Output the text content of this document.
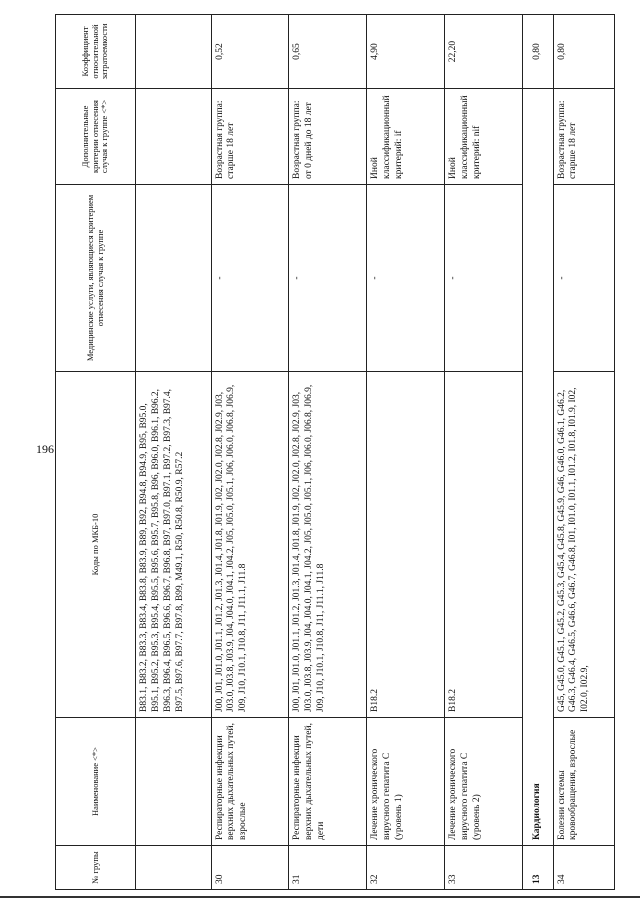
196
№ групы	Наименование <*>	Коды по МКБ-10	Медицинские услуги, являющиеся критерием отнесения случая к группе	Дополнительные критерии отнесения случая к группе <*>	Коэффициент относительной затратоемкости
		B83.1, B83.2, B83.3, B83.4, B83.8, B83.9, B89, B92, B94.8, B94.9, B95, B95.0, B95.1, B95.2, B95.3, B95.4, B95.5, B95.6, B95.7, B95.8, B96, B96.0, B96.1, B96.2, B96.3, B96.4, B96.5, B96.6, B96.7, B96.8, B97, B97.0, B97.1, B97.2, B97.3, B97.4, B97.5, B97.6, B97.7, B97.8, B99, M49.1, R50, R50.8, R50.9, R57.2			
30	Респираторные инфекции верхних дыхательных путей, взрослые	J00, J01, J01.0, J01.1, J01.2, J01.3, J01.4, J01.8, J01.9, J02, J02.0, J02.8, J02.9, J03, J03.0, J03.8, J03.9, J04, J04.0, J04.1, J04.2, J05, J05.0, J05.1, J06, J06.0, J06.8, J06.9, J09, J10, J10.1, J10.8, J11, J11.1, J11.8	-	Возрастная группа: старше 18 лет	0,52
31	Респираторные инфекции верхних дыхательных путей, дети	J00, J01, J01.0, J01.1, J01.2, J01.3, J01.4, J01.8, J01.9, J02, J02.0, J02.8, J02.9, J03, J03.0, J03.8, J03.9, J04, J04.0, J04.1, J04.2, J05, J05.0, J05.1, J06, J06.0, J06.8, J06.9, J09, J10, J10.1, J10.8, J11, J11.1, J11.8	-	Возрастная группа: от 0 дней до 18 лет	0,65
32	Лечение хронического вирусного гепатита C (уровень 1)	B18.2	-	Иной классификационный критерий: if	4,90
33	Лечение хронического вирусного гепатита C (уровень 2)	B18.2	-	Иной классификационный критерий: nif	22,20
13	Кардиология				0,80
34	Болезни системы кровообращения, взрослые	G45, G45.0, G45.1, G45.2, G45.3, G45.4, G45.8, G45.9, G46, G46.0, G46.1, G46.2, G46.3, G46.4, G46.5, G46.6, G46.7, G46.8, I01, I01.0, I01.1, I01.2, I01.8, I01.9, I02, I02.0, I02.9,	-	Возрастная группа: старше 18 лет	0,80
